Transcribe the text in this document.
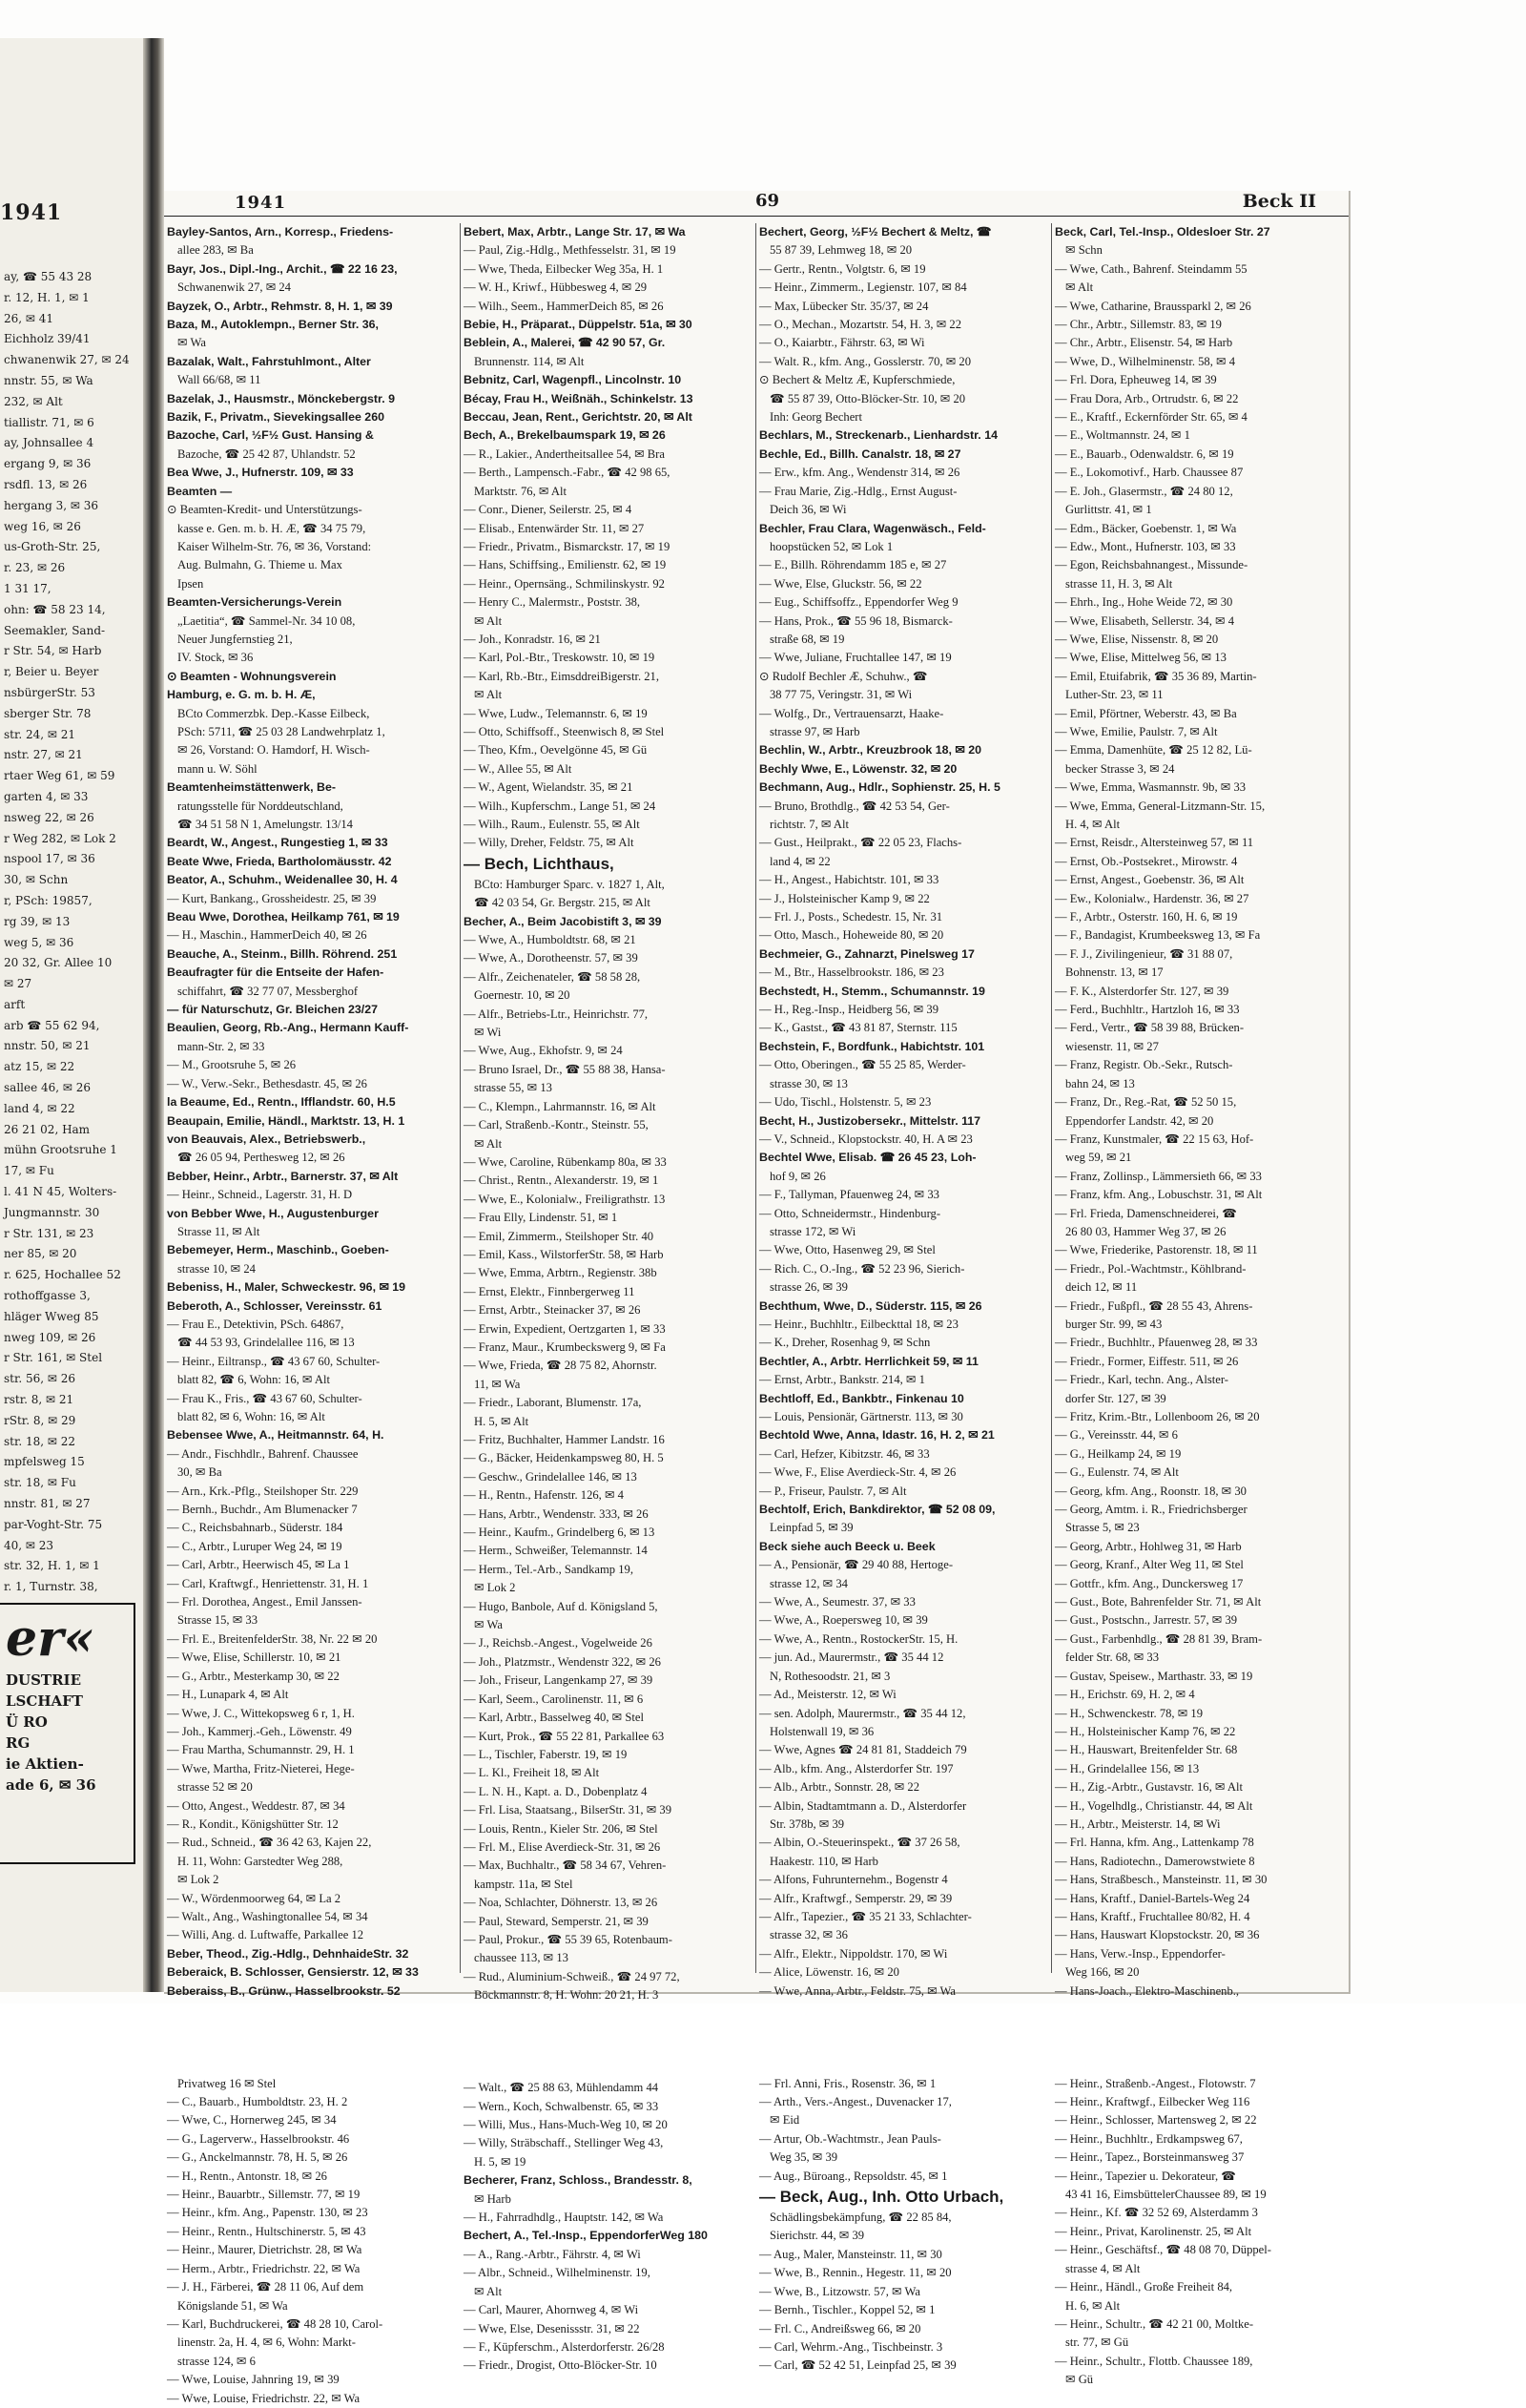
1941
ay, ☎ 55 43 28
r. 12, H. 1, ✉ 1
26, ✉ 41
Eichholz 39/41
chwanenwik 27, ✉ 24
nnstr. 55, ✉ Wa
232, ✉ Alt
tiallistr. 71, ✉ 6
ay, Johnsallee 4
ergang 9, ✉ 36
rsdfl. 13, ✉ 26
hergang 3, ✉ 36
weg 16, ✉ 26
us-Groth-Str. 25,
r. 23, ✉ 26
1 31 17,
ohn: ☎ 58 23 14,
Seemakler, Sand-
r Str. 54, ✉ Harb
r, Beier u. Beyer
nsbürgerStr. 53
sberger Str. 78
str. 24, ✉ 21
nstr. 27, ✉ 21
rtaer Weg 61, ✉ 59
garten 4, ✉ 33
nsweg 22, ✉ 26
r Weg 282, ✉ Lok 2
nspool 17, ✉ 36
30, ✉ Schn
r, PSch: 19857,
rg 39, ✉ 13
weg 5, ✉ 36
20 32, Gr. Allee 10
✉ 27
arft
arb ☎ 55 62 94,
nnstr. 50, ✉ 21
atz 15, ✉ 22
sallee 46, ✉ 26
land 4, ✉ 22
26 21 02, Ham
mühn Grootsruhe 1
17, ✉ Fu
l. 41 N 45, Wolters-
Jungmannstr. 30
r Str. 131, ✉ 23
ner 85, ✉ 20
r. 625, Hochallee 52
rothoffgasse 3,
hläger Wweg 85
nweg 109, ✉ 26
r Str. 161, ✉ Stel
str. 56, ✉ 26
rstr. 8, ✉ 21
rStr. 8, ✉ 29
str. 18, ✉ 22
mpfelsweg 15
str. 18, ✉ Fu
nnstr. 81, ✉ 27
par-Voght-Str. 75
40, ✉ 23
str. 32, H. 1, ✉ 1
r. 1, Turnstr. 38,
er«
DUSTRIE
LSCHAFT
Ü RO
RG
ie Aktien-
ade 6, ✉ 36
1941	69	Beck II
Bayley-Santos, Arn., Korresp., Friedens-
allee 283, ✉ Ba
Bayr, Jos., Dipl.-Ing., Archit., ☎ 22 16 23,
Schwanenwik 27, ✉ 24
Bayzek, O., Arbtr., Rehmstr. 8, H. 1, ✉ 39
Baza, M., Autoklempn., Berner Str. 36,
✉ Wa
Bazalak, Walt., Fahrstuhlmont., Alter
Wall 66/68, ✉ 11
Bazelak, J., Hausmstr., Mönckebergstr. 9
Bazik, F., Privatm., Sievekingsallee 260
Bazoche, Carl, ½F½ Gust. Hansing &
Bazoche, ☎ 25 42 87, Uhlandstr. 52
Bea Wwe, J., Hufnerstr. 109, ✉ 33
Beamten —
⊙ Beamten-Kredit- und Unterstützungs-
kasse e. Gen. m. b. H. Æ, ☎ 34 75 79,
Kaiser Wilhelm-Str. 76, ✉ 36, Vorstand:
Aug. Bulmahn, G. Thieme u. Max
Ipsen
Beamten-Versicherungs-Verein
„Laetitia“, ☎ Sammel-Nr. 34 10 08,
Neuer Jungfernstieg 21,
IV. Stock, ✉ 36
⊙ Beamten - Wohnungsverein
Hamburg, e. G. m. b. H. Æ,
BCto Commerzbk. Dep.-Kasse Eilbeck,
PSch: 5711, ☎ 25 03 28 Landwehrplatz 1,
✉ 26, Vorstand: O. Hamdorf, H. Wisch-
mann u. W. Söhl
Beamtenheimstättenwerk, Be-
ratungsstelle für Norddeutschland,
☎ 34 51 58 N 1, Amelungstr. 13/14
Beardt, W., Angest., Rungestieg 1, ✉ 33
Beate Wwe, Frieda, Bartholomäusstr. 42
Beator, A., Schuhm., Weidenallee 30, H. 4
— Kurt, Bankang., Grossheidestr. 25, ✉ 39
Beau Wwe, Dorothea, Heilkamp 761, ✉ 19
— H., Maschin., HammerDeich 40, ✉ 26
Beauche, A., Steinm., Billh. Röhrend. 251
Beaufragter für die Entseite der Hafen-
schiffahrt, ☎ 32 77 07, Messberghof
— für Naturschutz, Gr. Bleichen 23/27
Beaulien, Georg, Rb.-Ang., Hermann Kauff-
mann-Str. 2, ✉ 33
— M., Grootsruhe 5, ✉ 26
— W., Verw.-Sekr., Bethesdastr. 45, ✉ 26
la Beaume, Ed., Rentn., Ifflandstr. 60, H.5
Beaupain, Emilie, Händl., Marktstr. 13, H. 1
von Beauvais, Alex., Betriebswerb.,
☎ 26 05 94, Perthesweg 12, ✉ 26
Bebber, Heinr., Arbtr., Barnerstr. 37, ✉ Alt
— Heinr., Schneid., Lagerstr. 31, H. D
von Bebber Wwe, H., Augustenburger
Strasse 11, ✉ Alt
Bebemeyer, Herm., Maschinb., Goeben-
strasse 10, ✉ 24
Bebeniss, H., Maler, Schweckestr. 96, ✉ 19
Beberoth, A., Schlosser, Vereinsstr. 61
— Frau E., Detektivin, PSch. 64867,
☎ 44 53 93, Grindelallee 116, ✉ 13
— Heinr., Eiltransp., ☎ 43 67 60, Schulter-
blatt 82, ☎ 6, Wohn: 16, ✉ Alt
— Frau K., Fris., ☎ 43 67 60, Schulter-
blatt 82, ✉ 6, Wohn: 16, ✉ Alt
Bebensee Wwe, A., Heitmannstr. 64, H.
— Andr., Fischhdlr., Bahrenf. Chaussee
30, ✉ Ba
— Arn., Krk.-Pflg., Steilshoper Str. 229
— Bernh., Buchdr., Am Blumenacker 7
— C., Reichsbahnarb., Süderstr. 184
— C., Arbtr., Luruper Weg 24, ✉ 19
— Carl, Arbtr., Heerwisch 45, ✉ La 1
— Carl, Kraftwgf., Henriettenstr. 31, H. 1
— Frl. Dorothea, Angest., Emil Janssen-
Strasse 15, ✉ 33
— Frl. E., BreitenfelderStr. 38, Nr. 22 ✉ 20
— Wwe, Elise, Schillerstr. 10, ✉ 21
— G., Arbtr., Mesterkamp 30, ✉ 22
— H., Lunapark 4, ✉ Alt
— Wwe, J. C., Wittekopsweg 6 r, 1, H.
— Joh., Kammerj.-Geh., Löwenstr. 49
— Frau Martha, Schumannstr. 29, H. 1
— Wwe, Martha, Fritz-Nieterei, Hege-
strasse 52 ✉ 20
— Otto, Angest., Weddestr. 87, ✉ 34
— R., Kondit., Königshütter Str. 12
— Rud., Schneid., ☎ 36 42 63, Kajen 22,
H. 11, Wohn: Garstedter Weg 288,
✉ Lok 2
— W., Wördenmoorweg 64, ✉ La 2
— Walt., Ang., Washingtonallee 54, ✉ 34
— Willi, Ang. d. Luftwaffe, Parkallee 12
Beber, Theod., Zig.-Hdlg., DehnhaideStr. 32
Beberaick, B. Schlosser, Gensierstr. 12, ✉ 33
Beberaiss, B., Grünw., Hasselbrookstr. 52
Privatweg 16 ✉ Stel
— C., Bauarb., Humboldtstr. 23, H. 2
— Wwe, C., Hornerweg 245, ✉ 34
— G., Lagerverw., Hasselbrookstr. 46
— G., Anckelmannstr. 78, H. 5, ✉ 26
— H., Rentn., Antonstr. 18, ✉ 26
— Heinr., Bauarbtr., Sillemstr. 77, ✉ 19
— Heinr., kfm. Ang., Papenstr. 130, ✉ 23
— Heinr., Rentn., Hultschinerstr. 5, ✉ 43
— Heinr., Maurer, Dietrichstr. 28, ✉ Wa
— Herm., Arbtr., Friedrichstr. 22, ✉ Wa
— J. H., Färberei, ☎ 28 11 06, Auf dem
Königslande 51, ✉ Wa
— Karl, Buchdruckerei, ☎ 48 28 10, Carol-
linenstr. 2a, H. 4, ✉ 6, Wohn: Markt-
strasse 124, ✉ 6
— Wwe, Louise, Jahnring 19, ✉ 39
— Wwe, Louise, Friedrichstr. 22, ✉ Wa
Bebert, Max, Arbtr., Lange Str. 17, ✉ Wa
— Paul, Zig.-Hdlg., Methfesselstr. 31, ✉ 19
— Wwe, Theda, Eilbecker Weg 35a, H. 1
— W. H., Kriwf., Hübbesweg 4, ✉ 29
— Wilh., Seem., HammerDeich 85, ✉ 26
Bebie, H., Präparat., Düppelstr. 51a, ✉ 30
Beblein, A., Malerei, ☎ 42 90 57, Gr.
Brunnenstr. 114, ✉ Alt
Bebnitz, Carl, Wagenpfl., Lincolnstr. 10
Bécay, Frau H., Weißnäh., Schinkelstr. 13
Beccau, Jean, Rent., Gerichtstr. 20, ✉ Alt
Bech, A., Brekelbaumspark 19, ✉ 26
— R., Lakier., Andertheitsallee 54, ✉ Bra
— Berth., Lampensch.-Fabr., ☎ 42 98 65,
Marktstr. 76, ✉ Alt
— Conr., Diener, Seilerstr. 25, ✉ 4
— Elisab., Entenwärder Str. 11, ✉ 27
— Friedr., Privatm., Bismarckstr. 17, ✉ 19
— Hans, Schiffsing., Emilienstr. 62, ✉ 19
— Heinr., Opernsäng., Schmilinskystr. 92
— Henry C., Malermstr., Poststr. 38,
✉ Alt
— Joh., Konradstr. 16, ✉ 21
— Karl, Pol.-Btr., Treskowstr. 10, ✉ 19
— Karl, Rb.-Btr., EimsddreiBigerstr. 21,
✉ Alt
— Wwe, Ludw., Telemannstr. 6, ✉ 19
— Otto, Schiffsoff., Steenwisch 8, ✉ Stel
— Theo, Kfm., Oevelgönne 45, ✉ Gü
— W., Allee 55, ✉ Alt
— W., Agent, Wielandstr. 35, ✉ 21
— Wilh., Kupferschm., Lange 51, ✉ 24
— Wilh., Raum., Eulenstr. 55, ✉ Alt
— Willy, Dreher, Feldstr. 75, ✉ Alt
— Bech, Lichthaus,
BCto: Hamburger Sparc. v. 1827 1, Alt,
☎ 42 03 54, Gr. Bergstr. 215, ✉ Alt
Becher, A., Beim Jacobistift 3, ✉ 39
— Wwe, A., Humboldtstr. 68, ✉ 21
— Wwe, A., Dorotheenstr. 57, ✉ 39
— Alfr., Zeichenateler, ☎ 58 58 28,
Goernestr. 10, ✉ 20
— Alfr., Betriebs-Ltr., Heinrichstr. 77,
✉ Wi
— Wwe, Aug., Ekhofstr. 9, ✉ 24
— Bruno Israel, Dr., ☎ 55 88 38, Hansa-
strasse 55, ✉ 13
— C., Klempn., Lahrmannstr. 16, ✉ Alt
— Carl, Straßenb.-Kontr., Steinstr. 55,
✉ Alt
— Wwe, Caroline, Rübenkamp 80a, ✉ 33
— Christ., Rentn., Alexanderstr. 19, ✉ 1
— Wwe, E., Kolonialw., Freiligrathstr. 13
— Frau Elly, Lindenstr. 51, ✉ 1
— Emil, Zimmerm., Steilshoper Str. 40
— Emil, Kass., WilstorferStr. 58, ✉ Harb
— Wwe, Emma, Arbtrn., Regienstr. 38b
— Ernst, Elektr., Finnbergerweg 11
— Ernst, Arbtr., Steinacker 37, ✉ 26
— Erwin, Expedient, Oertzgarten 1, ✉ 33
— Franz, Maur., Krumbeckswerg 9, ✉ Fa
— Wwe, Frieda, ☎ 28 75 82, Ahornstr.
11, ✉ Wa
— Friedr., Laborant, Blumenstr. 17a,
H. 5, ✉ Alt
— Fritz, Buchhalter, Hammer Landstr. 16
— G., Bäcker, Heidenkampsweg 80, H. 5
— Geschw., Grindelallee 146, ✉ 13
— H., Rentn., Hafenstr. 126, ✉ 4
— Hans, Arbtr., Wendenstr. 333, ✉ 26
— Heinr., Kaufm., Grindelberg 6, ✉ 13
— Herm., Schweißer, Telemannstr. 14
— Herm., Tel.-Arb., Sandkamp 19,
✉ Lok 2
— Hugo, Banbole, Auf d. Königsland 5,
✉ Wa
— J., Reichsb.-Angest., Vogelweide 26
— Joh., Platzmstr., Wendenstr 322, ✉ 26
— Joh., Friseur, Langenkamp 27, ✉ 39
— Karl, Seem., Carolinenstr. 11, ✉ 6
— Karl, Arbtr., Basselweg 40, ✉ Stel
— Kurt, Prok., ☎ 55 22 81, Parkallee 63
— L., Tischler, Faberstr. 19, ✉ 19
— L. Kl., Freiheit 18, ✉ Alt
— L. N. H., Kapt. a. D., Dobenplatz 4
— Frl. Lisa, Staatsang., BilserStr. 31, ✉ 39
— Louis, Rentn., Kieler Str. 206, ✉ Stel
— Frl. M., Elise Averdieck-Str. 31, ✉ 26
— Max, Buchhaltr., ☎ 58 34 67, Vehren-
kampstr. 11a, ✉ Stel
— Noa, Schlachter, Döhnerstr. 13, ✉ 26
— Paul, Steward, Semperstr. 21, ✉ 39
— Paul, Prokur., ☎ 55 39 65, Rotenbaum-
chaussee 113, ✉ 13
— Rud., Aluminium-Schweiß., ☎ 24 97 72,
Böckmannstr. 8, H. Wohn: 20 21, H. 3
— Walt., ☎ 25 88 63, Mühlendamm 44
— Wern., Koch, Schwalbenstr. 65, ✉ 33
— Willi, Mus., Hans-Much-Weg 10, ✉ 20
— Willy, Sträbschaff., Stellinger Weg 43,
H. 5, ✉ 19
Becherer, Franz, Schloss., Brandesstr. 8,
✉ Harb
— H., Fahrradhdlg., Hauptstr. 142, ✉ Wa
Bechert, A., Tel.-Insp., EppendorferWeg 180
— A., Rang.-Arbtr., Fährstr. 4, ✉ Wi
— Albr., Schneid., Wilhelminenstr. 19,
✉ Alt
— Carl, Maurer, Ahornweg 4, ✉ Wi
— Wwe, Else, Desenissstr. 31, ✉ 22
— F., Küpferschm., Alsterdorferstr. 26/28
— Friedr., Drogist, Otto-Blöcker-Str. 10
Bechert, Georg, ½F½ Bechert & Meltz, ☎
55 87 39, Lehmweg 18, ✉ 20
— Gertr., Rentn., Volgtstr. 6, ✉ 19
— Heinr., Zimmerm., Legienstr. 107, ✉ 84
— Max, Lübecker Str. 35/37, ✉ 24
— O., Mechan., Mozartstr. 54, H. 3, ✉ 22
— O., Kaiarbtr., Fährstr. 63, ✉ Wi
— Walt. R., kfm. Ang., Gosslerstr. 70, ✉ 20
⊙ Bechert & Meltz Æ, Kupferschmiede,
☎ 55 87 39, Otto-Blöcker-Str. 10, ✉ 20
Inh: Georg Bechert
Bechlars, M., Streckenarb., Lienhardstr. 14
Bechle, Ed., Billh. Canalstr. 18, ✉ 27
— Erw., kfm. Ang., Wendenstr 314, ✉ 26
— Frau Marie, Zig.-Hdlg., Ernst August-
Deich 36, ✉ Wi
Bechler, Frau Clara, Wagenwäsch., Feld-
hoopstücken 52, ✉ Lok 1
— E., Billh. Röhrendamm 185 e, ✉ 27
— Wwe, Else, Gluckstr. 56, ✉ 22
— Eug., Schiffsoffz., Eppendorfer Weg 9
— Hans, Prok., ☎ 55 96 18, Bismarck-
straße 68, ✉ 19
— Wwe, Juliane, Fruchtallee 147, ✉ 19
⊙ Rudolf Bechler Æ, Schuhw., ☎
38 77 75, Veringstr. 31, ✉ Wi
— Wolfg., Dr., Vertrauensarzt, Haake-
strasse 97, ✉ Harb
Bechlin, W., Arbtr., Kreuzbrook 18, ✉ 20
Bechly Wwe, E., Löwenstr. 32, ✉ 20
Bechmann, Aug., Hdlr., Sophienstr. 25, H. 5
— Bruno, Brothdlg., ☎ 42 53 54, Ger-
richtstr. 7, ✉ Alt
— Gust., Heilprakt., ☎ 22 05 23, Flachs-
land 4, ✉ 22
— H., Angest., Habichtstr. 101, ✉ 33
— J., Holsteinischer Kamp 9, ✉ 22
— Frl. J., Posts., Schedestr. 15, Nr. 31
— Otto, Masch., Hoheweide 80, ✉ 20
Bechmeier, G., Zahnarzt, Pinelsweg 17
— M., Btr., Hasselbrookstr. 186, ✉ 23
Bechstedt, H., Stemm., Schumannstr. 19
— H., Reg.-Insp., Heidberg 56, ✉ 39
— K., Gastst., ☎ 43 81 87, Sternstr. 115
Bechstein, F., Bordfunk., Habichtstr. 101
— Otto, Oberingen., ☎ 55 25 85, Werder-
strasse 30, ✉ 13
— Udo, Tischl., Holstenstr. 5, ✉ 23
Becht, H., Justizobersekr., Mittelstr. 117
— V., Schneid., Klopstockstr. 40, H. A ✉ 23
Bechtel Wwe, Elisab. ☎ 26 45 23, Loh-
hof 9, ✉ 26
— F., Tallyman, Pfauenweg 24, ✉ 33
— Otto, Schneidermstr., Hindenburg-
strasse 172, ✉ Wi
— Wwe, Otto, Hasenweg 29, ✉ Stel
— Rich. C., O.-Ing., ☎ 52 23 96, Sierich-
strasse 26, ✉ 39
Bechthum, Wwe, D., Süderstr. 115, ✉ 26
— Heinr., Buchhltr., Eilbeckttal 18, ✉ 23
— K., Dreher, Rosenhag 9, ✉ Schn
Bechtler, A., Arbtr. Herrlichkeit 59, ✉ 11
— Ernst, Arbtr., Bankstr. 214, ✉ 1
Bechtloff, Ed., Bankbtr., Finkenau 10
— Louis, Pensionär, Gärtnerstr. 113, ✉ 30
Bechtold Wwe, Anna, Idastr. 16, H. 2, ✉ 21
— Carl, Hefzer, Kibitzstr. 46, ✉ 33
— Wwe, F., Elise Averdieck-Str. 4, ✉ 26
— P., Friseur, Paulstr. 7, ✉ Alt
Bechtolf, Erich, Bankdirektor, ☎ 52 08 09,
Leinpfad 5, ✉ 39
Beck siehe auch Beeck u. Beek
— A., Pensionär, ☎ 29 40 88, Hertoge-
strasse 12, ✉ 34
— Wwe, A., Seumestr. 37, ✉ 33
— Wwe, A., Roepersweg 10, ✉ 39
— Wwe, A., Rentn., RostockerStr. 15, H.
— jun. Ad., Maurermstr., ☎ 35 44 12
N, Rothesoodstr. 21, ✉ 3
— Ad., Meisterstr. 12, ✉ Wi
— sen. Adolph, Maurermstr., ☎ 35 44 12,
Holstenwall 19, ✉ 36
— Wwe, Agnes ☎ 24 81 81, Staddeich 79
— Alb., kfm. Ang., Alsterdorfer Str. 197
— Alb., Arbtr., Sonnstr. 28, ✉ 22
— Albin, Stadtamtmann a. D., Alsterdorfer
Str. 378b, ✉ 39
— Albin, O.-Steuerinspekt., ☎ 37 26 58,
Haakestr. 110, ✉ Harb
— Alfons, Fuhrunternehm., Bogenstr 4
— Alfr., Kraftwgf., Semperstr. 29, ✉ 39
— Alfr., Tapezier., ☎ 35 21 33, Schlachter-
strasse 32, ✉ 36
— Alfr., Elektr., Nippoldstr. 170, ✉ Wi
— Alice, Löwenstr. 16, ✉ 20
— Wwe, Anna, Arbtr., Feldstr. 75, ✉ Wa
— Frl. Anni, Fris., Rosenstr. 36, ✉ 1
— Arth., Vers.-Angest., Duvenacker 17,
✉ Eid
— Artur, Ob.-Wachtmstr., Jean Pauls-
Weg 35, ✉ 39
— Aug., Büroang., Repsoldstr. 45, ✉ 1
— Beck, Aug., Inh. Otto Urbach,
Schädlingsbekämpfung, ☎ 22 85 84,
Sierichstr. 44, ✉ 39
— Aug., Maler, Mansteinstr. 11, ✉ 30
— Wwe, B., Rennin., Hegestr. 11, ✉ 20
— Wwe, B., Litzowstr. 57, ✉ Wa
— Bernh., Tischler., Koppel 52, ✉ 1
— Frl. C., Andreißsweg 66, ✉ 20
— Carl, Wehrm.-Ang., Tischbeinstr. 3
— Carl, ☎ 52 42 51, Leinpfad 25, ✉ 39
Beck, Carl, Tel.-Insp., Oldesloer Str. 27
✉ Schn
— Wwe, Cath., Bahrenf. Steindamm 55
✉ Alt
— Wwe, Catharine, Braussparkl 2, ✉ 26
— Chr., Arbtr., Sillemstr. 83, ✉ 19
— Chr., Arbtr., Elisenstr. 54, ✉ Harb
— Wwe, D., Wilhelminenstr. 58, ✉ 4
— Frl. Dora, Epheuweg 14, ✉ 39
— Frau Dora, Arb., Ortrudstr. 6, ✉ 22
— E., Kraftf., Eckernförder Str. 65, ✉ 4
— E., Woltmannstr. 24, ✉ 1
— E., Bauarb., Odenwaldstr. 6, ✉ 19
— E., Lokomotivf., Harb. Chaussee 87
— E. Joh., Glasermstr., ☎ 24 80 12,
Gurlittstr. 41, ✉ 1
— Edm., Bäcker, Goebenstr. 1, ✉ Wa
— Edw., Mont., Hufnerstr. 103, ✉ 33
— Egon, Reichsbahnangest., Missunde-
strasse 11, H. 3, ✉ Alt
— Ehrh., Ing., Hohe Weide 72, ✉ 30
— Wwe, Elisabeth, Sellerstr. 34, ✉ 4
— Wwe, Elise, Nissenstr. 8, ✉ 20
— Wwe, Elise, Mittelweg 56, ✉ 13
— Emil, Etuifabrik, ☎ 35 36 89, Martin-
Luther-Str. 23, ✉ 11
— Emil, Pförtner, Weberstr. 43, ✉ Ba
— Wwe, Emilie, Paulstr. 7, ✉ Alt
— Emma, Damenhüte, ☎ 25 12 82, Lü-
becker Strasse 3, ✉ 24
— Wwe, Emma, Wasmannstr. 9b, ✉ 33
— Wwe, Emma, General-Litzmann-Str. 15,
H. 4, ✉ Alt
— Ernst, Reisdr., Altersteinweg 57, ✉ 11
— Ernst, Ob.-Postsekret., Mirowstr. 4
— Ernst, Angest., Goebenstr. 36, ✉ Alt
— Ew., Kolonialw., Hardenstr. 36, ✉ 27
— F., Arbtr., Osterstr. 160, H. 6, ✉ 19
— F., Bandagist, Krumbeeksweg 13, ✉ Fa
— F. J., Zivilingenieur, ☎ 31 88 07,
Bohnenstr. 13, ✉ 17
— F. K., Alsterdorfer Str. 127, ✉ 39
— Ferd., Buchhltr., Hartzloh 16, ✉ 33
— Ferd., Vertr., ☎ 58 39 88, Brücken-
wiesenstr. 11, ✉ 27
— Franz, Registr. Ob.-Sekr., Rutsch-
bahn 24, ✉ 13
— Franz, Dr., Reg.-Rat, ☎ 52 50 15,
Eppendorfer Landstr. 42, ✉ 20
— Franz, Kunstmaler, ☎ 22 15 63, Hof-
weg 59, ✉ 21
— Franz, Zollinsp., Lämmersieth 66, ✉ 33
— Franz, kfm. Ang., Lobuschstr. 31, ✉ Alt
— Frl. Frieda, Damenschneiderei, ☎
26 80 03, Hammer Weg 37, ✉ 26
— Wwe, Friederike, Pastorenstr. 18, ✉ 11
— Friedr., Pol.-Wachtmstr., Köhlbrand-
deich 12, ✉ 11
— Friedr., Fußpfl., ☎ 28 55 43, Ahrens-
burger Str. 99, ✉ 43
— Friedr., Buchhltr., Pfauenweg 28, ✉ 33
— Friedr., Former, Eiffestr. 511, ✉ 26
— Friedr., Karl, techn. Ang., Alster-
dorfer Str. 127, ✉ 39
— Fritz, Krim.-Btr., Lollenboom 26, ✉ 20
— G., Vereinsstr. 44, ✉ 6
— G., Heilkamp 24, ✉ 19
— G., Eulenstr. 74, ✉ Alt
— Georg, kfm. Ang., Roonstr. 18, ✉ 30
— Georg, Amtm. i. R., Friedrichsberger
Strasse 5, ✉ 23
— Georg, Arbtr., Hohlweg 31, ✉ Harb
— Georg, Kranf., Alter Weg 11, ✉ Stel
— Gottfr., kfm. Ang., Dunckersweg 17
— Gust., Bote, Bahrenfelder Str. 71, ✉ Alt
— Gust., Postschn., Jarrestr. 57, ✉ 39
— Gust., Farbenhdlg., ☎ 28 81 39, Bram-
felder Str. 68, ✉ 33
— Gustav, Speisew., Marthastr. 33, ✉ 19
— H., Erichstr. 69, H. 2, ✉ 4
— H., Schwenckestr. 78, ✉ 19
— H., Holsteinischer Kamp 76, ✉ 22
— H., Hauswart, Breitenfelder Str. 68
— H., Grindelallee 156, ✉ 13
— H., Zig.-Arbtr., Gustavstr. 16, ✉ Alt
— H., Vogelhdlg., Christianstr. 44, ✉ Alt
— H., Arbtr., Meisterstr. 14, ✉ Wi
— Frl. Hanna, kfm. Ang., Lattenkamp 78
— Hans, Radiotechn., Damerowstwiete 8
— Hans, Straßbesch., Mansteinstr. 11, ✉ 30
— Hans, Kraftf., Daniel-Bartels-Weg 24
— Hans, Kraftf., Fruchtallee 80/82, H. 4
— Hans, Hauswart Klopstockstr. 20, ✉ 36
— Hans, Verw.-Insp., Eppendorfer-
Weg 166, ✉ 20
— Hans-Joach., Elektro-Maschinenb.,
— Heinr., Straßenb.-Angest., Flotowstr. 7
— Heinr., Kraftwgf., Eilbecker Weg 116
— Heinr., Schlosser, Martensweg 2, ✉ 22
— Heinr., Buchhltr., Erdkampsweg 67,
— Heinr., Tapez., Borsteinmansweg 37
— Heinr., Tapezier u. Dekorateur, ☎
43 41 16, EimsbüttelerChaussee 89, ✉ 19
— Heinr., Kf. ☎ 32 52 69, Alsterdamm 3
— Heinr., Privat, Karolinenstr. 25, ✉ Alt
— Heinr., Geschäftsf., ☎ 48 08 70, Düppel-
strasse 4, ✉ Alt
— Heinr., Händl., Große Freiheit 84,
H. 6, ✉ Alt
— Heinr., Schultr., ☎ 42 21 00, Moltke-
str. 77, ✉ Gü
— Heinr., Schultr., Flottb. Chaussee 189,
✉ Gü
